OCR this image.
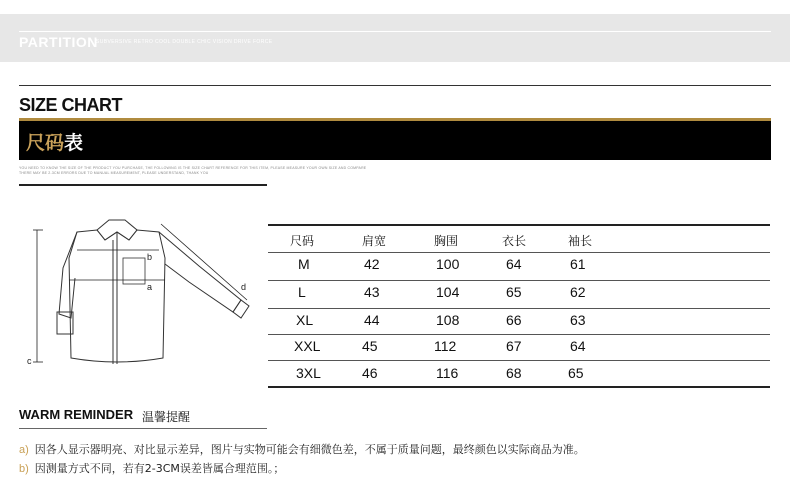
PARTITION
SUBVERSIVE RETRO COOL DOUBLE CHIC VISION DRIVE FORCE
SIZE CHART
尺码表
YOU NEED TO KNOW THE SIZE OF THE PRODUCT YOU PURCHASE, THE FOLLOWING IS THE SIZE CHART REFERENCE FOR THIS ITEM, PLEASE MEASURE YOUR OWN SIZE AND COMPARE
THERE MAY BE 2-3CM ERRORS DUE TO MANUAL MEASUREMENT, PLEASE UNDERSTAND, THANK YOU
b
a
c
d
尺码	肩宽	胸围	衣长	袖长
M	42	100	64	61
L	43	104	65	62
XL	44	108	66	63
XXL	45	112	67	64
3XL	46	116	68	65
WARM REMINDER 温馨提醒
a) 因各人显示器明亮、对比显示差异，图片与实物可能会有细微色差，不属于质量问题，最终颜色以实际商品为准。
b) 因测量方式不同，若有2-3CM误差皆属合理范围。；
